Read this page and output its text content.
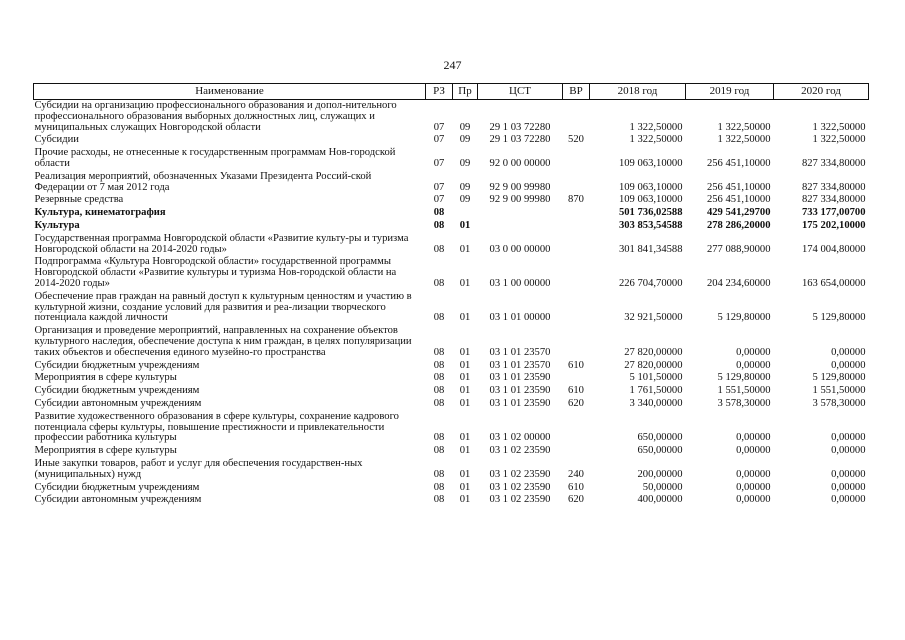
247
Наименование	РЗ	Пр	ЦСТ	ВР	2018 год	2019 год	2020 год
Субсидии на организацию профессионального образования и допол-нительного профессионального образования выборных должностных лиц, служащих и муниципальных служащих Новгородской области	07	09	29 1 03 72280		1 322,50000	1 322,50000	1 322,50000
Субсидии	07	09	29 1 03 72280	520	1 322,50000	1 322,50000	1 322,50000
Прочие расходы, не отнесенные к государственным программам Нов-городской области	07	09	92 0 00 00000		109 063,10000	256 451,10000	827 334,80000
Реализация мероприятий, обозначенных Указами Президента Россий-ской Федерации от 7 мая 2012 года	07	09	92 9 00 99980		109 063,10000	256 451,10000	827 334,80000
Резервные средства	07	09	92 9 00 99980	870	109 063,10000	256 451,10000	827 334,80000
Культура, кинематография	08				501 736,02588	429 541,29700	733 177,00700
Культура	08	01			303 853,54588	278 286,20000	175 202,10000
Государственная программа Новгородской области «Развитие культу-ры и туризма Новгородской области на 2014-2020 годы»	08	01	03 0 00 00000		301 841,34588	277 088,90000	174 004,80000
Подпрограмма «Культура Новгородской области» государственной программы Новгородской области «Развитие культуры и туризма Нов-городской области на 2014-2020 годы»	08	01	03 1 00 00000		226 704,70000	204 234,60000	163 654,00000
Обеспечение прав граждан на равный доступ к культурным ценностям и участию в культурной жизни, создание условий для развития и реа-лизации творческого потенциала каждой личности	08	01	03 1 01 00000		32 921,50000	5 129,80000	5 129,80000
Организация и проведение мероприятий, направленных на сохранение объектов культурного наследия, обеспечение доступа к ним граждан, в целях популяризации таких объектов и обеспечения единого музейно-го пространства	08	01	03 1 01 23570		27 820,00000	0,00000	0,00000
Субсидии бюджетным учреждениям	08	01	03 1 01 23570	610	27 820,00000	0,00000	0,00000
Мероприятия в сфере культуры	08	01	03 1 01 23590		5 101,50000	5 129,80000	5 129,80000
Субсидии бюджетным учреждениям	08	01	03 1 01 23590	610	1 761,50000	1 551,50000	1 551,50000
Субсидии автономным учреждениям	08	01	03 1 01 23590	620	3 340,00000	3 578,30000	3 578,30000
Развитие художественного образования в сфере культуры, сохранение кадрового потенциала сферы культуры, повышение престижности и привлекательности профессии работника культуры	08	01	03 1 02 00000		650,00000	0,00000	0,00000
Мероприятия в сфере культуры	08	01	03 1 02 23590		650,00000	0,00000	0,00000
Иные закупки товаров, работ и услуг для обеспечения государствен-ных (муниципальных) нужд	08	01	03 1 02 23590	240	200,00000	0,00000	0,00000
Субсидии бюджетным учреждениям	08	01	03 1 02 23590	610	50,00000	0,00000	0,00000
Субсидии автономным учреждениям	08	01	03 1 02 23590	620	400,00000	0,00000	0,00000
